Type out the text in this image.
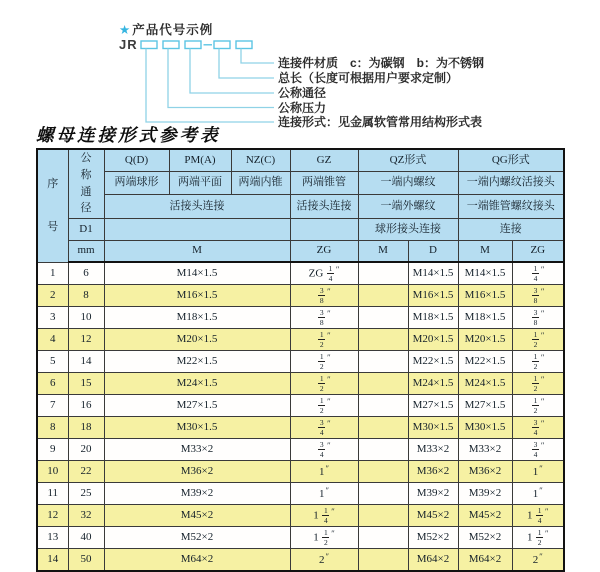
★产品代号示例
JR
连接件材质　c：为碳钢　b：为不锈钢
总长（长度可根据用户要求定制）
公称通径
公称压力
连接形式：见金属软管常用结构形式表
螺母连接形式参考表
序
号	公
称
通
径	Q(D)	PM(A)	NZ(C)	GZ	QZ形式		QG形式	
		两端球形	两端平面	两端内锥	两端锥管	一端内螺纹		一端内螺纹活接头	
		活接头连接			活接头连接	一端外螺纹		一端锥管螺纹接头	
	D1					球形接头连接		连接	
	mm	M			ZG	M	D	M	ZG
1	6	M14×1.5			ZG $\frac{1}{4} ''$		M14×1.5	M14×1.5	$\frac{1}{4} ''$
2	8	M16×1.5			$\frac{3}{8} ''$		M16×1.5	M16×1.5	$\frac{3}{8} ''$
3	10	M18×1.5			$\frac{3}{8} ''$		M18×1.5	M18×1.5	$\frac{3}{8} ''$
4	12	M20×1.5			$\frac{1}{2} ''$		M20×1.5	M20×1.5	$\frac{1}{2} ''$
5	14	M22×1.5			$\frac{1}{2} ''$		M22×1.5	M22×1.5	$\frac{1}{2} ''$
6	15	M24×1.5			$\frac{1}{2} ''$		M24×1.5	M24×1.5	$\frac{1}{2} ''$
7	16	M27×1.5			$\frac{1}{2} ''$		M27×1.5	M27×1.5	$\frac{1}{2} ''$
8	18	M30×1.5			$\frac{3}{4} ''$		M30×1.5	M30×1.5	$\frac{3}{4} ''$
9	20	M33×2			$\frac{3}{4} ''$		M33×2	M33×2	$\frac{3}{4} ''$
10	22	M36×2			1″		M36×2	M36×2	1″
11	25	M39×2			1″		M39×2	M39×2	1″
12	32	M45×2			$1 \frac{1}{4} ''$		M45×2	M45×2	$1 \frac{1}{4} ''$
13	40	M52×2			$1 \frac{1}{2} ''$		M52×2	M52×2	$1 \frac{1}{2} ''$
14	50	M64×2			2″		M64×2	M64×2	2″
